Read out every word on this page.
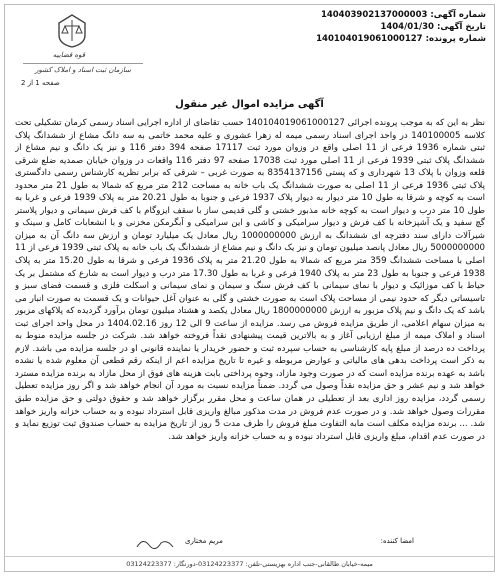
شماره آگهی:140403902137000003
تاریخ آگهی:1404/01/30
شماره پرونده:140104019061000127
قوه قضاییه
سازمان ثبت اسناد و املاک کشور
صفحه 1 از 2
آگهی مزایده اموال غیر منقول
نظر به این که به موجب پرونده اجرائی 140104019061000127 حسب تقاضای از اداره اجرایی اسناد رسمی کرمان تشکیلی تحت کلاسه 140100005 در واحد اجرای اسناد رسمی میمه له زهرا عشوری و علیه محمد خاتمی به سه دانگ مشاع از ششدانگ پلاک ثبتی شماره 1936 فرعی از 11 اصلی واقع در وزوان مورد ثبت 17117 صفحه 394 دفتر 116 و نیز یک دانگ و نیم مشاع از ششدانگ پلاک ثبتی 1939 فرعی از 11 اصلی مورد ثبت 17038 صفحه 97 دفتر 116 واقعات در وزوان خیابان صمدیه ضلع شرقی قلعه وزوان با پلاک 13 شهرداری و که پستی 8354137156 به صورت غربی – شرقی که برابر نظریه کارشناس رسمی دادگستری پلاک ثبتی 1936 فرعی از 11 اصلی به صورت ششدانگ یک باب خانه به مساحت 212 متر مربع که شمالا به طول 21 متر محدود است به کوچه و شرقا به طول 10 متر دیوار به دیوار پلاک 1937 فرعی و جنوبا به طول 20.21 متر به پلاک 1939 فرعی و غربا به طول 10 متر درب و دیوار است به کوچه خانه مذبور خشتی و گلی قدیمی ساز با سقف ایزوگام با کف فرش سیمانی و دیوار پلاستر گچ سفید و یک آشپزخانه با کف فرش و دیوار سرامیکی و کاشی و این سرامیکی و آبگرمکن مخزنی و با انشعابات کامل و سینک و شیرآلات دارای سند دفترچه ای ششدانگ به ارزش 1000000000 ریال معادل یک میلیارد تومان و ارزش سه دانگ آن به میزان 5000000000 ریال معادل پانصد میلیون تومان و نیز یک دانگ و نیم مشاع از ششدانگ یک باب خانه به پلاک ثبتی 1939 فرعی از 11 اصلی با مساحت ششدانگ 359 متر مربع که شمالا به طول 21.20 متر به پلاک 1936 فرعی و شرقا به طول 15.20 متر به پلاک 1938 فرعی و جنوبا به طول 23 متر به پلاک 1940 فرعی و غربا به طول 17.30 متر درب و دیوار است به شارع که مشتمل بر یک حیاط با کف موزائیک و دیوار با نمای سیمانی با کف فرش سنگ و سیمان و نمای سیمانی و اسکلت فلزی و قسمت فضای سبز و تاسیساتی دیگر که حدود نیمی از مساحت پلاک است به صورت خشتی و گلی به عنوان آغل حیوانات و یک قسمت به صورت انبار می باشد که یک دانگ و نیم پلاک مزبور به ارزش 1800000000 ریال معادل یکصد و هشتاد میلیون تومان برآورد گردیده که پلاکهای مزبور به میزان سهام اعلامی، از طریق مزایده فروش می رسد. مزایده از ساعت 9 الی 12 روز 1404.02.16 در محل واحد اجرای ثبت اسناد و املاک میمه از مبلغ ارزیابی آغاز و به بالاترین قیمت پیشنهادی نقداً فروخته خواهد شد. شرکت در جلسه مزایده منوط به پرداخت ده درصد از مبلغ پایه کارشناسی به حساب سپرده ثبت و حضور خریدار یا نماینده قانونی او در جلسه مزایده می باشد. لازم به ذکر است پرداخت بدهی های مالیاتی و عوارض مربوطه و غیره تا تاریخ مزایده اعم از اینکه رقم قطعی آن معلوم شده یا نشده باشد به عهده برنده مزایده است که در صورت وجود مازاد، وجوه پرداختی بابت هزینه های فوق از محل مازاد به برنده مزایده مسترد خواهد شد و نیم عشر و حق مزایده نقداً وصول می گردد. ضمناً مزایده نسبت به مورد آن انجام خواهد شد و اگر روز مزایده تعطیل رسمی گردد، مزایده روز اداری بعد از تعطیلی در همان ساعت و محل مقرر برگزار خواهد شد و حقوق دولتی و حق مزایده طبق مقررات وصول خواهد شد. و در صورت عدم فروش در مدت مذکور مبالغ واریزی قابل استرداد نبوده و به حساب خزانه واریز خواهد شد. ... برنده مزایده مکلف است مابه التفاوت مبلغ فروش را ظرف مدت 5 روز از تاریخ مزایده به حساب صندوق ثبت توزیع نماید و در صورت عدم اقدام، مبلغ واریزی قابل استرداد نبوده و به حساب خزانه واریز خواهد شد.
امضا کننده:
مریم مختاری
میمه-خیابان طالقانی-جنب اداره بهزیستی-تلفن: 03124223377-دورنگار: 03124223377
